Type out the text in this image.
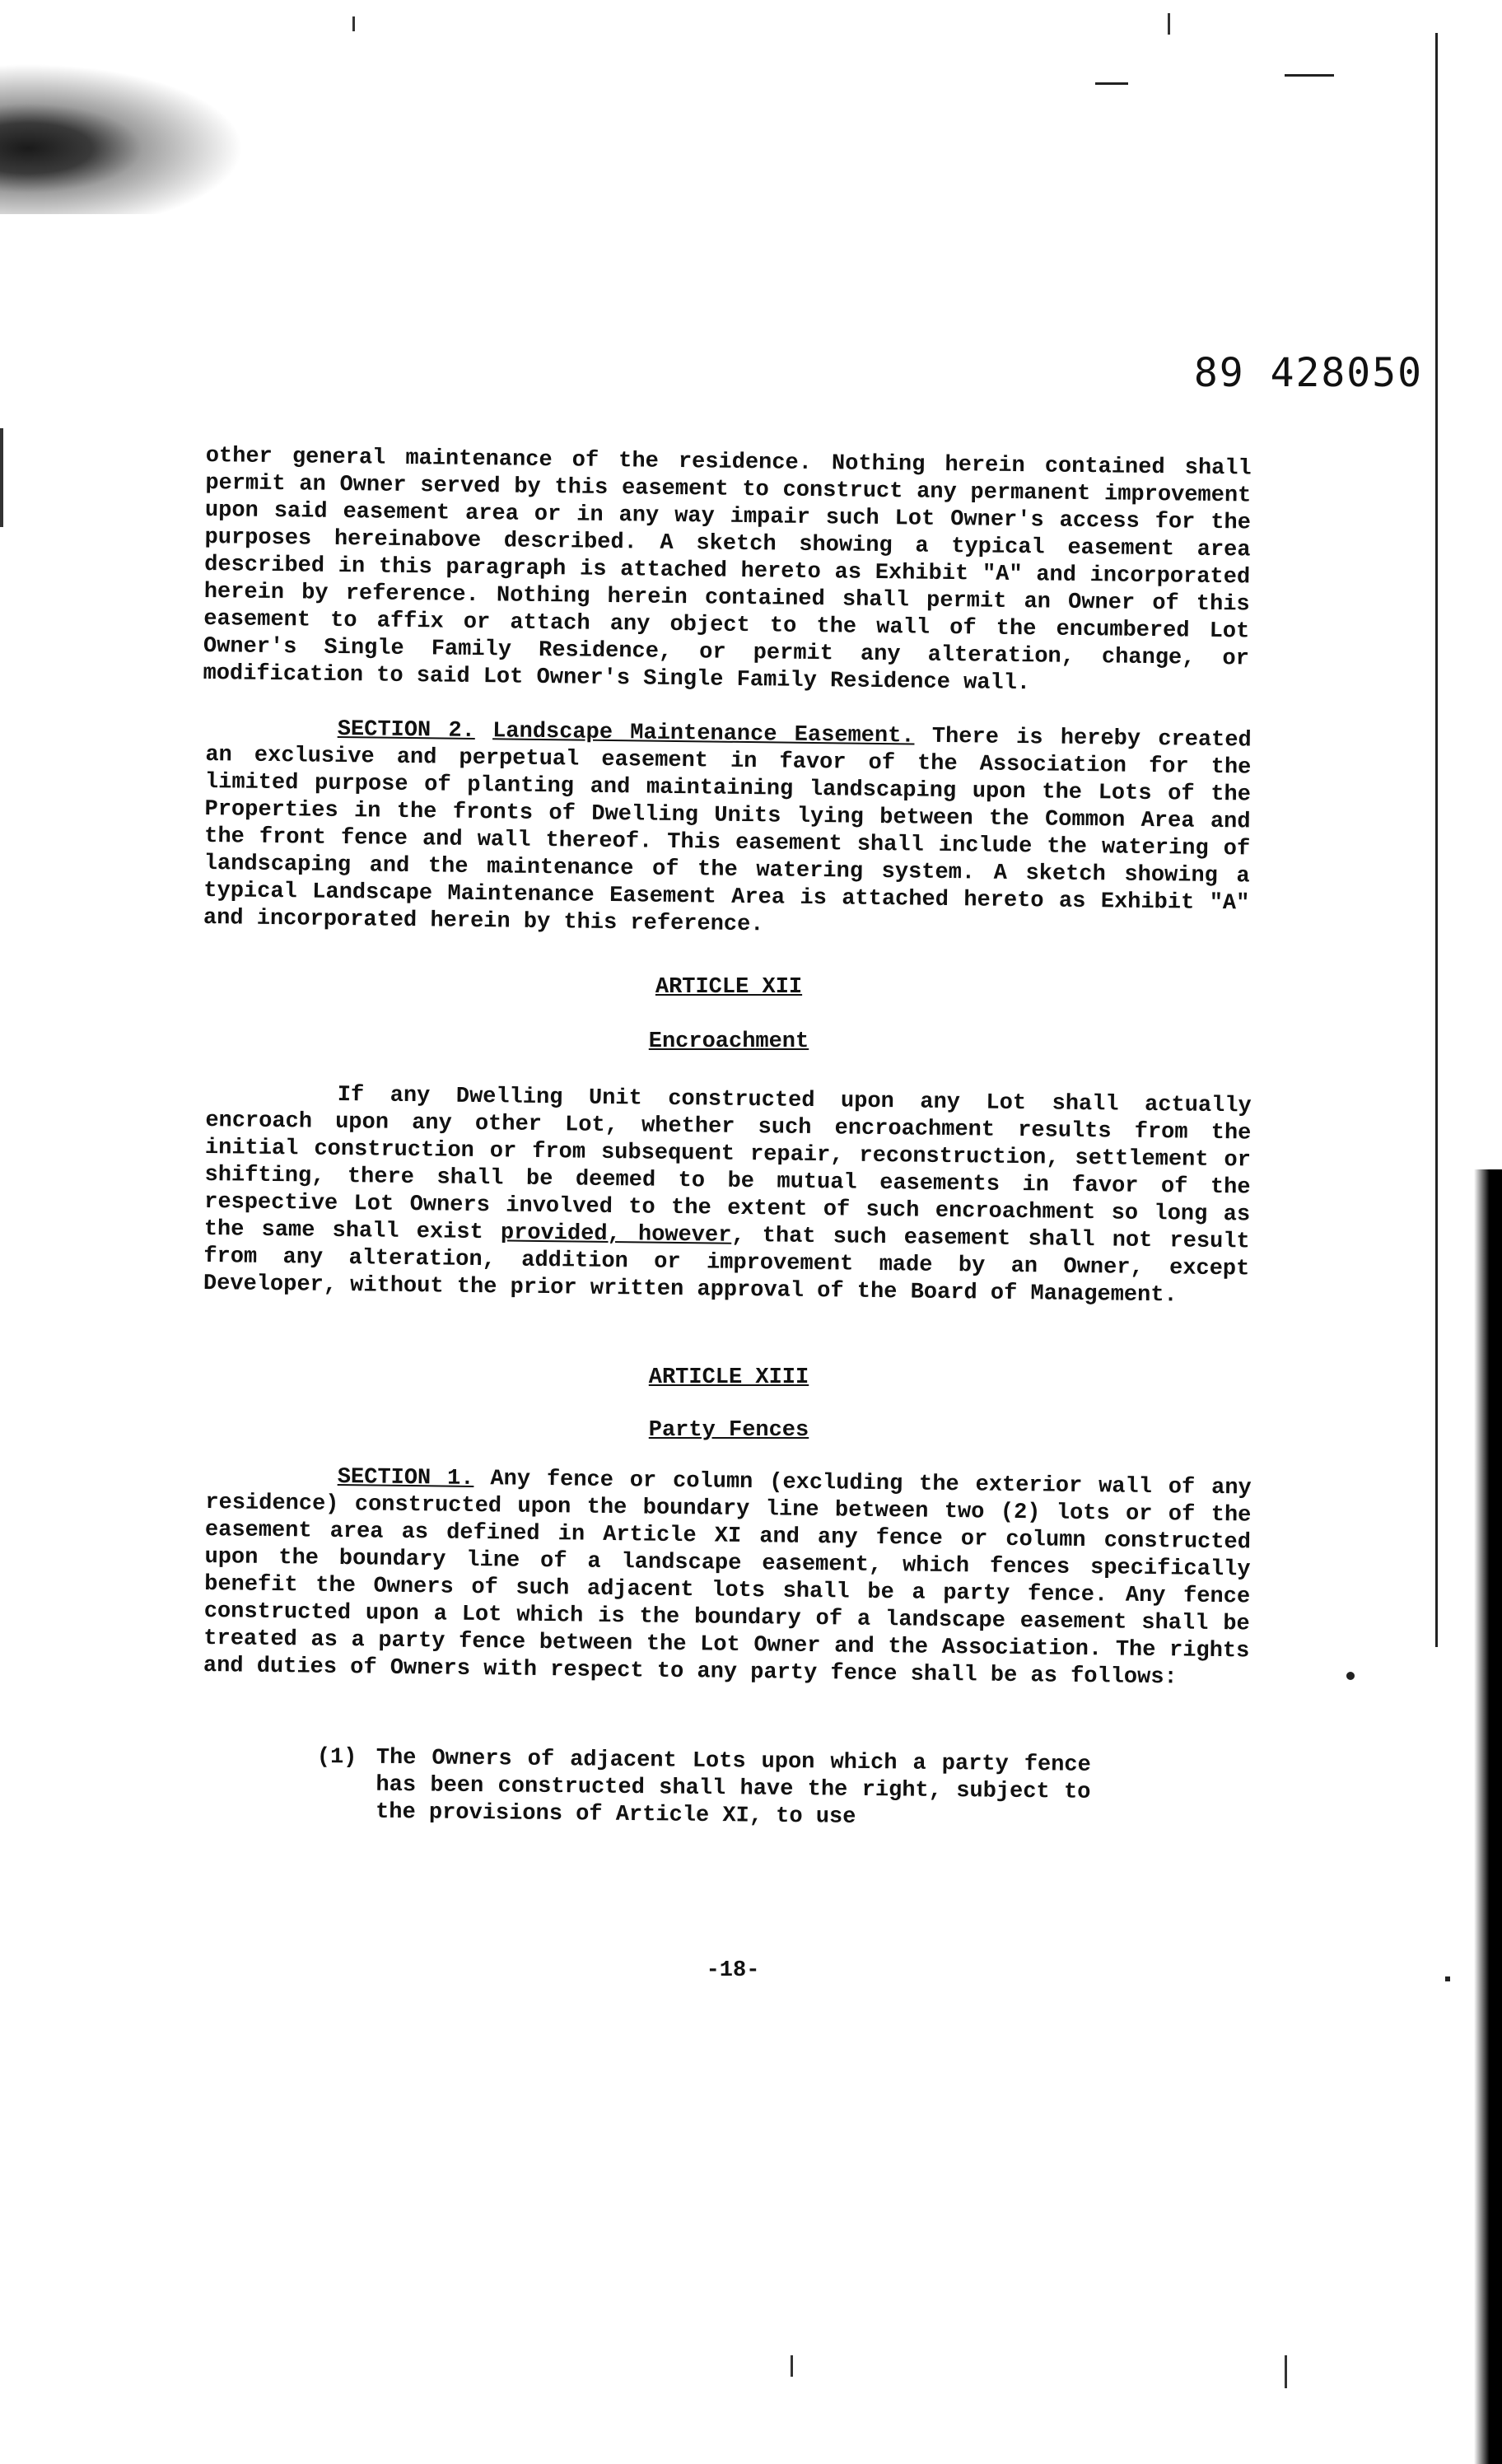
89 428050

other general maintenance of the residence. Nothing herein contained shall permit an Owner served by this easement to construct any permanent improvement upon said easement area or in any way impair such Lot Owner's access for the purposes hereinabove described. A sketch showing a typical easement area described in this paragraph is attached hereto as Exhibit "A" and incorporated herein by reference. Nothing herein contained shall permit an Owner of this easement to affix or attach any object to the wall of the encumbered Lot Owner's Single Family Residence, or permit any alteration, change, or modification to said Lot Owner's Single Family Residence wall.

SECTION 2. Landscape Maintenance Easement. There is hereby created an exclusive and perpetual easement in favor of the Association for the limited purpose of planting and maintaining landscaping upon the Lots of the Properties in the fronts of Dwelling Units lying between the Common Area and the front fence and wall thereof. This easement shall include the watering of landscaping and the maintenance of the watering system. A sketch showing a typical Landscape Maintenance Easement Area is attached hereto as Exhibit "A" and incorporated herein by this reference.

ARTICLE XII
Encroachment

If any Dwelling Unit constructed upon any Lot shall actually encroach upon any other Lot, whether such encroachment results from the initial construction or from subsequent repair, reconstruction, settlement or shifting, there shall be deemed to be mutual easements in favor of the respective Lot Owners involved to the extent of such encroachment so long as the same shall exist provided, however, that such easement shall not result from any alteration, addition or improvement made by an Owner, except Developer, without the prior written approval of the Board of Management.

ARTICLE XIII
Party Fences

SECTION 1. Any fence or column (excluding the exterior wall of any residence) constructed upon the boundary line between two (2) lots or of the easement area as defined in Article XI and any fence or column constructed upon the boundary line of a landscape easement, which fences specifically benefit the Owners of such adjacent lots shall be a party fence. Any fence constructed upon a Lot which is the boundary of a landscape easement shall be treated as a party fence between the Lot Owner and the Association. The rights and duties of Owners with respect to any party fence shall be as follows:

(1) The Owners of adjacent Lots upon which a party fence has been constructed shall have the right, subject to the provisions of Article XI, to use

-18-
